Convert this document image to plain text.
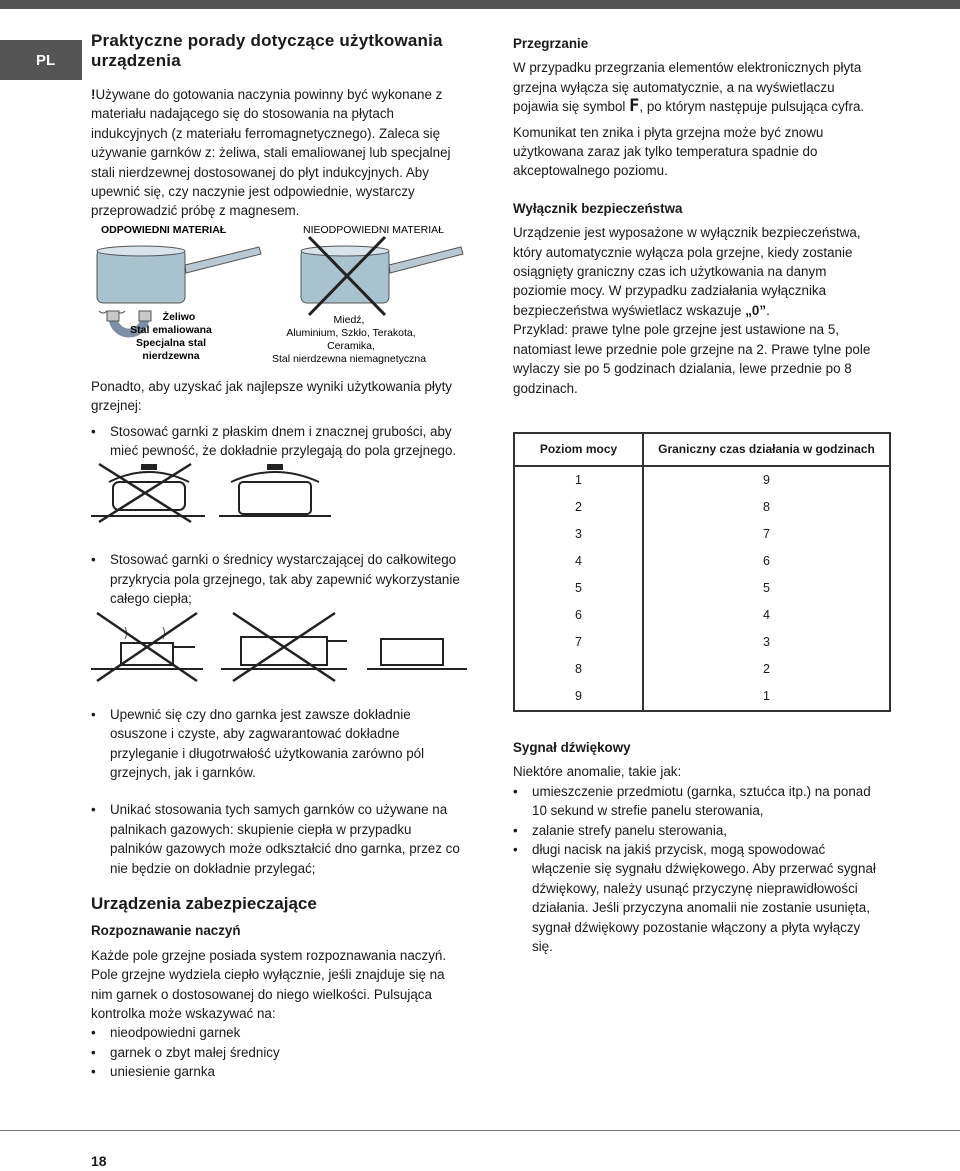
PL
Praktyczne porady dotyczące użytkowania urządzenia

!Używane do gotowania naczynia powinny być wykonane z materiału nadającego się do stosowania na płytach indukcyjnych (z materiału ferromagnetycznego). Zaleca się używanie garnków z: żeliwa, stali emaliowanej lub specjalnej stali nierdzewnej dostosowanej do płyt indukcyjnych. Aby upewnić się, czy naczynie jest odpowiednie, wystarczy przeprowadzić próbę z magnesem.

ODPOWIEDNI MATERIAŁ	NIEODPOWIEDNI MATERIAŁ
Żeliwo
Stal emaliowana
Specjalna stal
nierdzewna
Miedź,
Aluminium, Szkło, Terakota,
Ceramika,
Stal nierdzewna niemagnetyczna

Ponadto, aby uzyskać jak najlepsze wyniki użytkowania płyty grzejnej:

• Stosować garnki z płaskim dnem i znacznej grubości, aby mieć pewność, że dokładnie przylegają do pola grzejnego.
• Stosować garnki o średnicy wystarczającej do całkowitego przykrycia pola grzejnego, tak aby zapewnić wykorzystanie całego ciepła;
• Upewnić się czy dno garnka jest zawsze dokładnie osuszone i czyste, aby zagwarantować dokładne przyleganie i długotrwałość użytkowania zarówno pól grzejnych, jak i garnków.
• Unikać stosowania tych samych garnków co używane na palnikach gazowych: skupienie ciepła w przypadku palników gazowych może odkształcić dno garnka, przez co nie będzie on dokładnie przylegać;
Urządzenia zabezpieczające
Rozpoznawanie naczyń

Każde pole grzejne posiada system rozpoznawania naczyń. Pole grzejne wydziela ciepło wyłącznie, jeśli znajduje się na nim garnek o dostosowanej do niego wielkości. Pulsująca kontrolka może wskazywać na:

• nieodpowiedni garnek
• garnek o zbyt małej średnicy
• uniesienie garnka
Przegrzanie

W przypadku przegrzania elementów elektronicznych płyta grzejna wyłącza się automatycznie, a na wyświetlaczu pojawia się symbol F, po którym następuje pulsująca cyfra.

Komunikat ten znika i płyta grzejna może być znowu użytkowana zaraz jak tylko temperatura spadnie do akceptowalnego poziomu.

Wyłącznik bezpieczeństwa

Urządzenie jest wyposażone w wyłącznik bezpieczeństwa, który automatycznie wyłącza pola grzejne, kiedy zostanie osiągnięty graniczny czas ich użytkowania na danym poziomie mocy. W przypadku zadziałania wyłącznika bezpieczeństwa wyświetlacz wskazuje „0”.

Przyklad: prawe tylne pole grzejne jest ustawione na 5, natomiast lewe przednie pole grzejne na 2. Prawe tylne pole wylaczy sie po 5 godzinach dzialania, lewe przednie po 8 godzinach.

Poziom mocy	Graniczny czas działania w godzinach
1	9
2	8
3	7
4	6
5	5
6	4
7	3
8	2
9	1
Sygnał dźwiękowy

Niektóre anomalie, takie jak:

• umieszczenie przedmiotu (garnka, sztućca itp.) na ponad 10 sekund w strefie panelu sterowania,
• zalanie strefy panelu sterowania,
• długi nacisk na jakiś przycisk, mogą spowodować włączenie się sygnału dźwiękowego. Aby przerwać sygnał dźwiękowy, należy usunąć przyczynę nieprawidłowości działania. Jeśli przyczyna anomalii nie zostanie usunięta, sygnał dźwiękowy pozostanie włączony a płyta wyłączy się.
18
